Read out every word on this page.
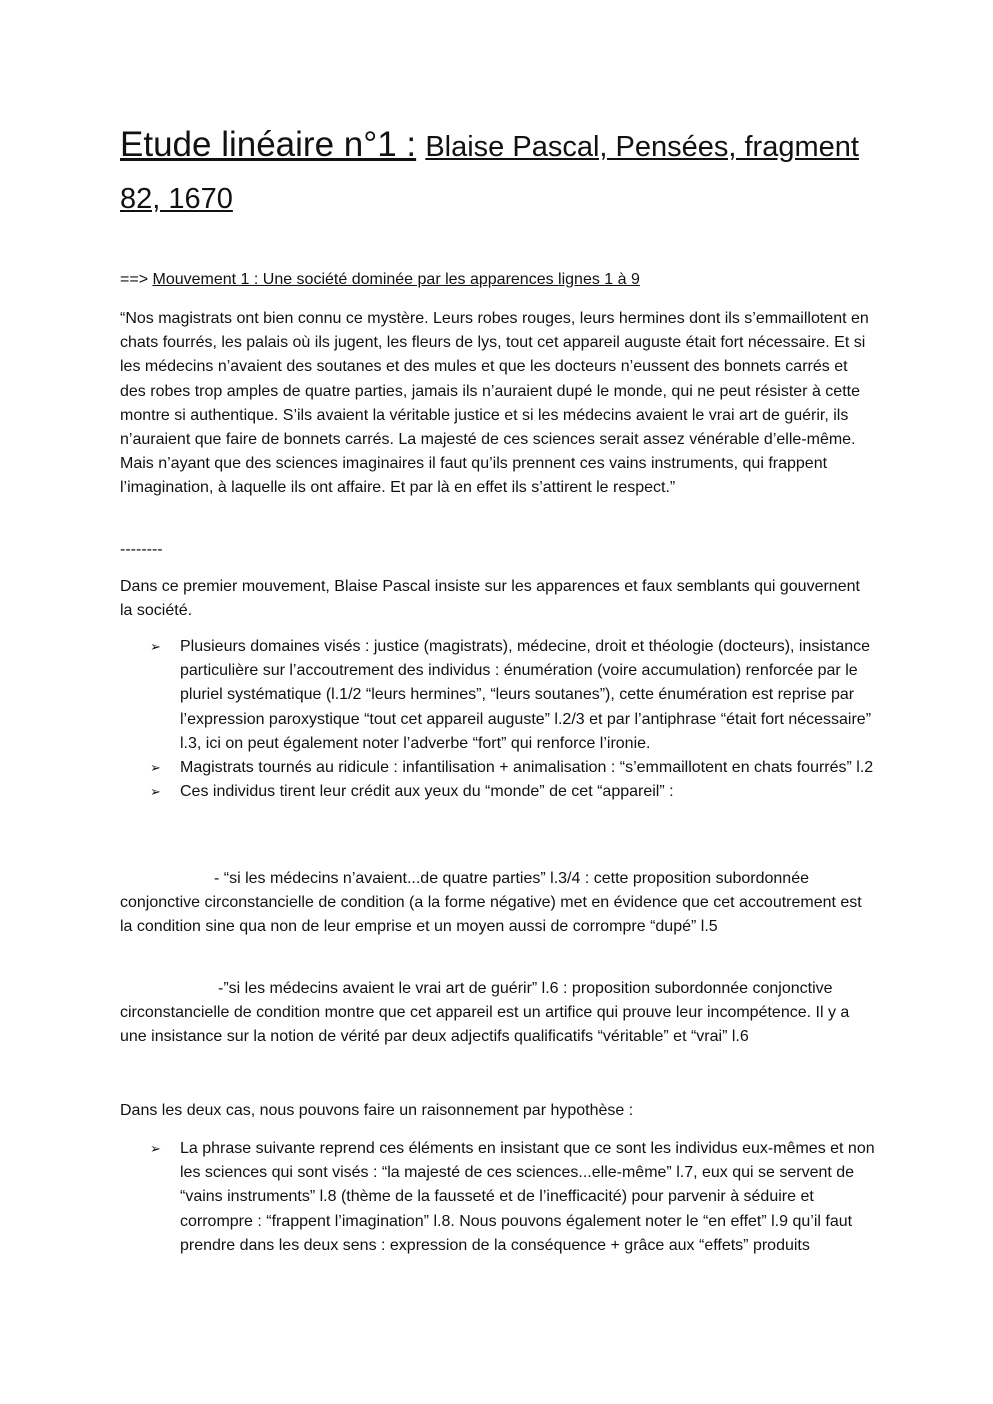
Etude linéaire n°1 : Blaise Pascal, Pensées, fragment 82, 1670

==> Mouvement 1 : Une société dominée par les apparences lignes 1 à 9

“Nos magistrats ont bien connu ce mystère. Leurs robes rouges, leurs hermines dont ils s’emmaillotent en chats fourrés, les palais où ils jugent, les fleurs de lys, tout cet appareil auguste était fort nécessaire. Et si les médecins n’avaient des soutanes et des mules et que les docteurs n’eussent des bonnets carrés et des robes trop amples de quatre parties, jamais ils n’auraient dupé le monde, qui ne peut résister à cette montre si authentique. S’ils avaient la véritable justice et si les médecins avaient le vrai art de guérir, ils n’auraient que faire de bonnets carrés. La majesté de ces sciences serait assez vénérable d’elle-même. Mais n’ayant que des sciences imaginaires il faut qu’ils prennent ces vains instruments, qui frappent l’imagination, à laquelle ils ont affaire. Et par là en effet ils s’attirent le respect.”

--------

Dans ce premier mouvement, Blaise Pascal insiste sur les apparences et faux semblants qui gouvernent la société.

➢	Plusieurs domaines visés : justice (magistrats), médecine, droit et théologie (docteurs), insistance particulière sur l’accoutrement des individus : énumération (voire accumulation) renforcée par le pluriel systématique (l.1/2 “leurs hermines”, “leurs soutanes”), cette énumération est reprise par l’expression paroxystique “tout cet appareil auguste” l.2/3 et par l’antiphrase “était fort nécessaire” l.3, ici on peut également noter l’adverbe “fort” qui renforce l’ironie.
➢	Magistrats tournés au ridicule : infantilisation + animalisation : “s’emmaillotent en chats fourrés” l.2
➢	Ces individus tirent leur crédit aux yeux du “monde” de cet “appareil” :

- “si les médecins n’avaient...de quatre parties” l.3/4 : cette proposition subordonnée conjonctive circonstancielle de condition (a la forme négative) met en évidence que cet accoutrement est la condition sine qua non de leur emprise et un moyen aussi de corrompre “dupé” l.5

-”si les médecins avaient le vrai art de guérir” l.6 : proposition subordonnée conjonctive circonstancielle de condition montre que cet appareil est un artifice qui prouve leur incompétence. Il y a une insistance sur la notion de vérité par deux adjectifs qualificatifs “véritable” et “vrai” l.6

Dans les deux cas, nous pouvons faire un raisonnement par hypothèse :

➢	La phrase suivante reprend ces éléments en insistant que ce sont les individus eux-mêmes et non les sciences qui sont visés : “la majesté de ces sciences...elle-même” l.7, eux qui se servent de “vains instruments” l.8 (thème de la fausseté et de l’inefficacité) pour parvenir à séduire et corrompre : “frappent l’imagination” l.8. Nous pouvons également noter le “en effet” l.9 qu’il faut prendre dans les deux sens : expression de la conséquence + grâce aux “effets” produits
